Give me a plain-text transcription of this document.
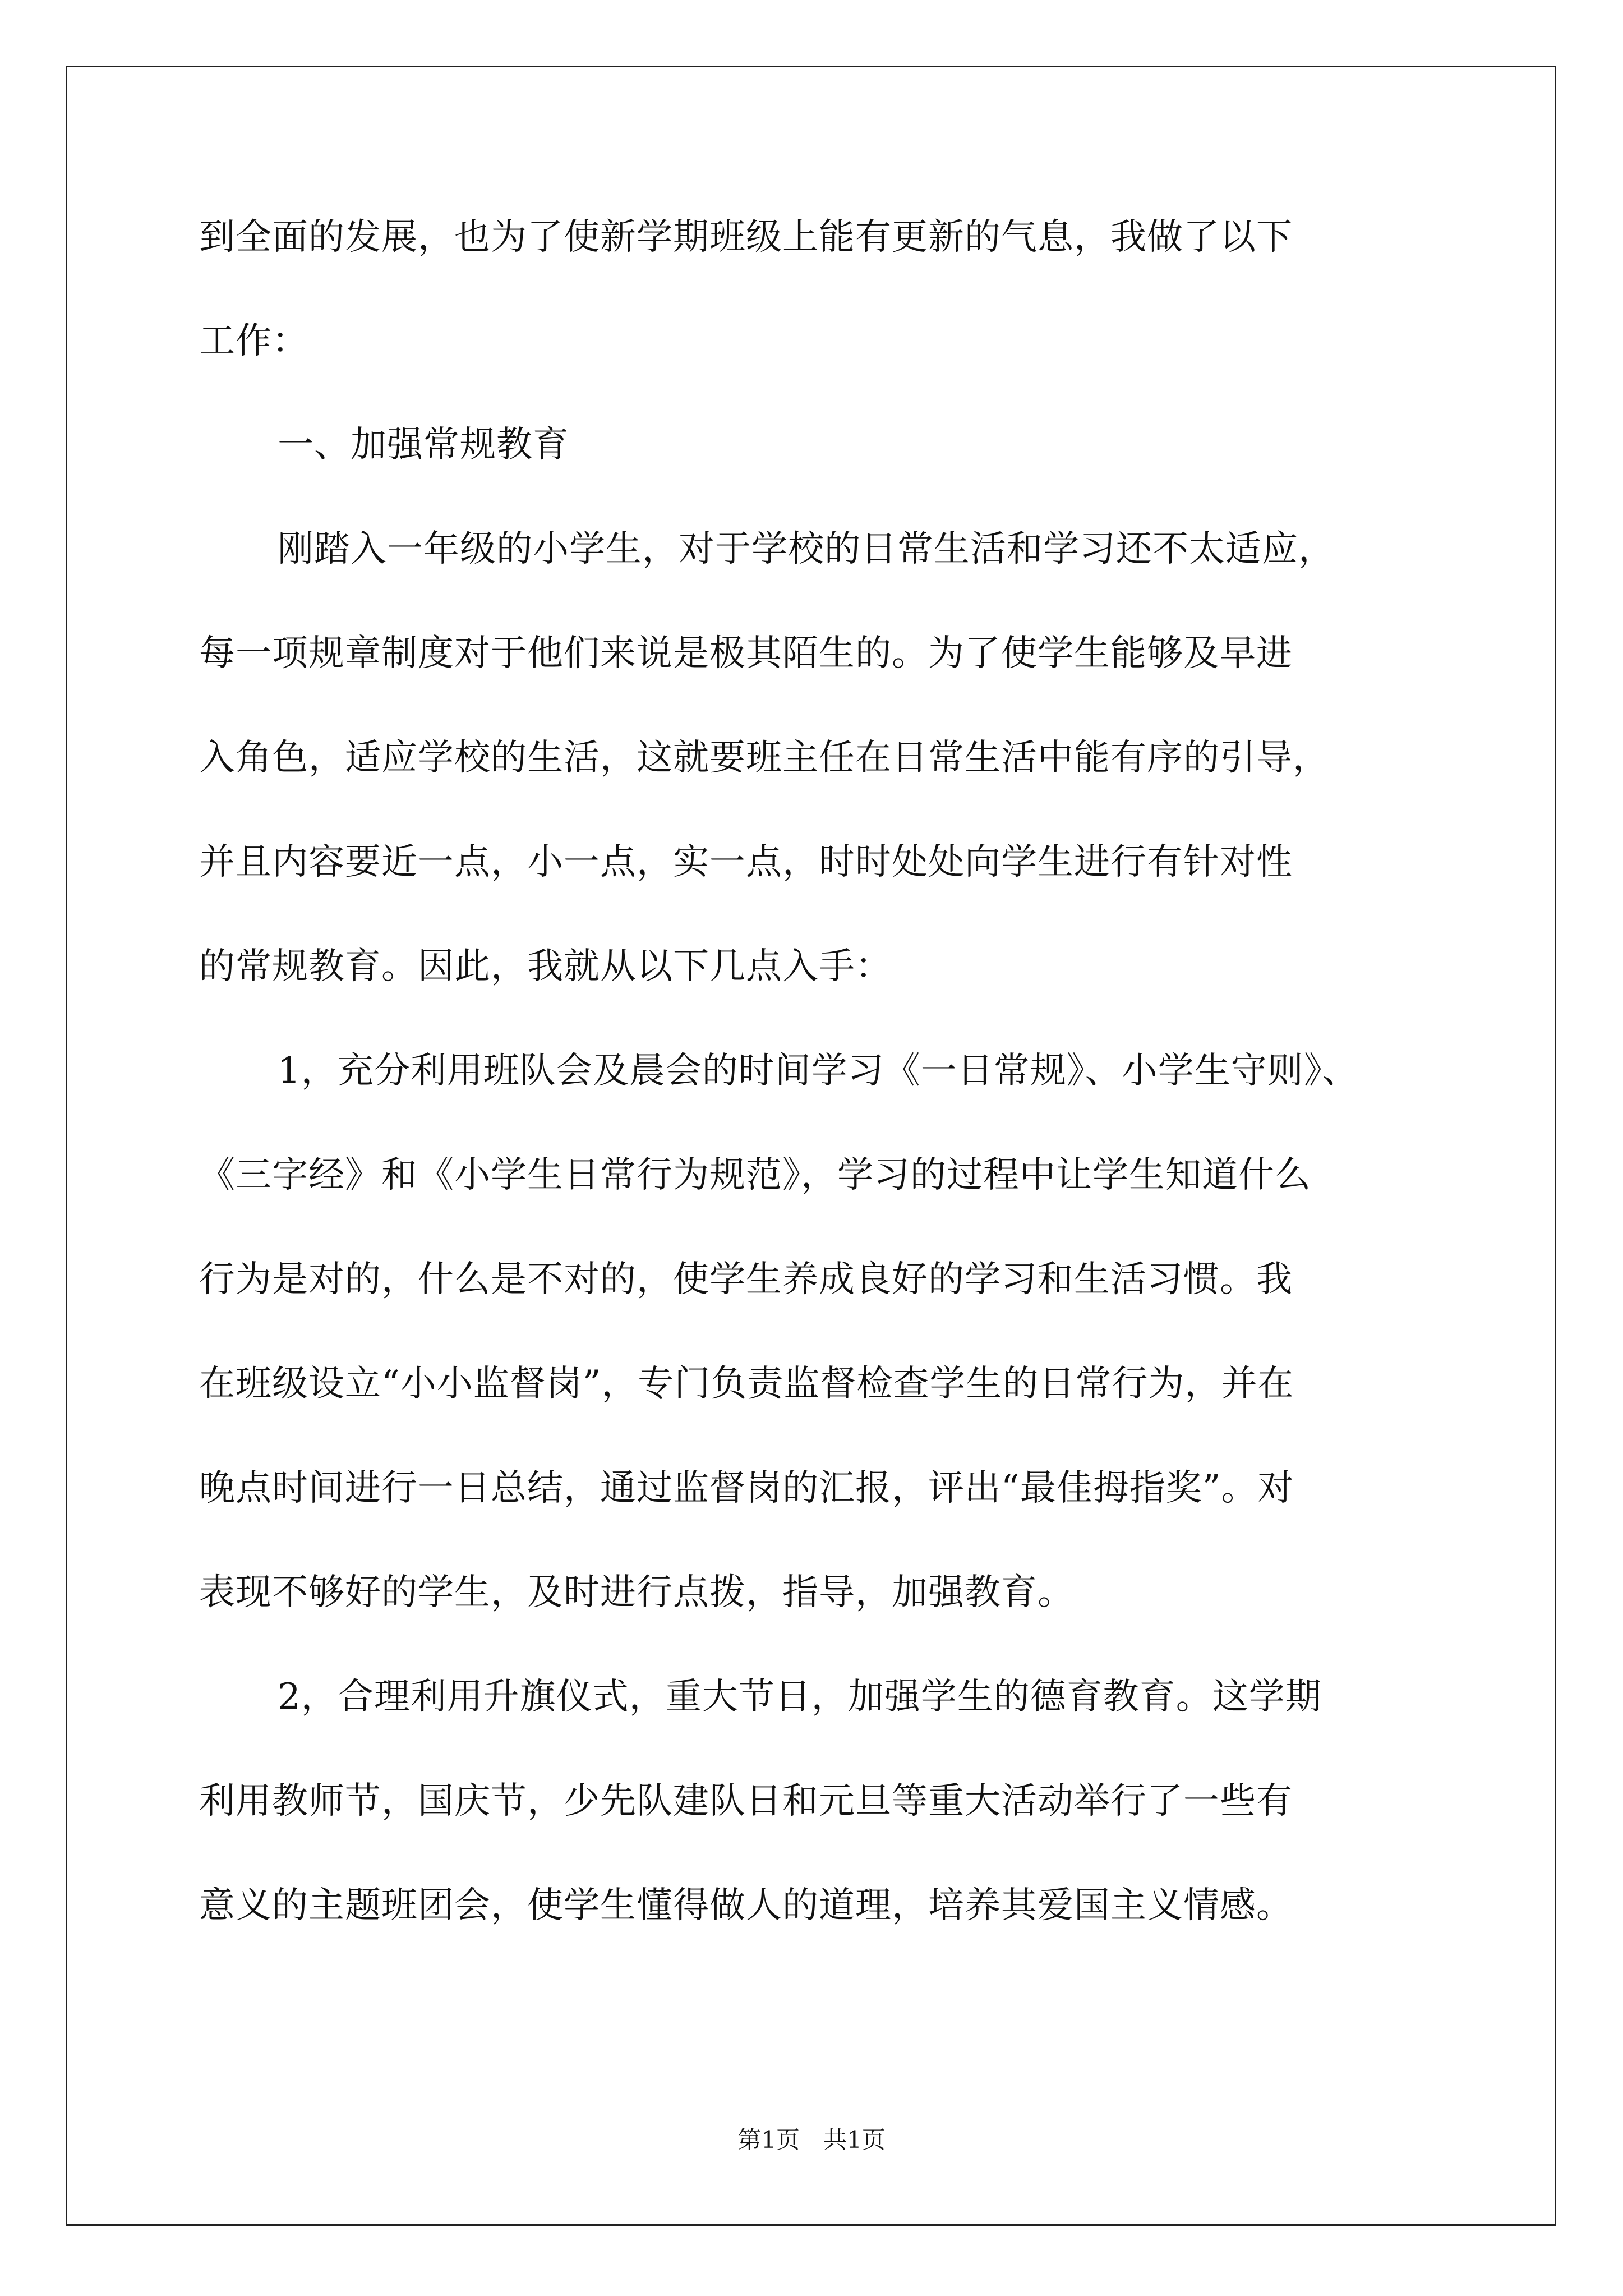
到全面的发展，也为了使新学期班级上能有更新的气息，我做了以下
工作：
一、加强常规教育
刚踏入一年级的小学生，对于学校的日常生活和学习还不太适应，
每一项规章制度对于他们来说是极其陌生的。为了使学生能够及早进
入角色，适应学校的生活，这就要班主任在日常生活中能有序的引导，
并且内容要近一点，小一点，实一点，时时处处向学生进行有针对性
的常规教育。因此，我就从以下几点入手：
1，充分利用班队会及晨会的时间学习《一日常规》、小学生守则》、
《三字经》和《小学生日常行为规范》，学习的过程中让学生知道什么
行为是对的，什么是不对的，使学生养成良好的学习和生活习惯。我
在班级设立“小小监督岗”，专门负责监督检查学生的日常行为，并在
晚点时间进行一日总结，通过监督岗的汇报，评出“最佳拇指奖”。对
表现不够好的学生，及时进行点拨，指导，加强教育。
2，合理利用升旗仪式，重大节日，加强学生的德育教育。这学期
利用教师节，国庆节，少先队建队日和元旦等重大活动举行了一些有
意义的主题班团会，使学生懂得做人的道理，培养其爱国主义情感。
第1页　共1页
